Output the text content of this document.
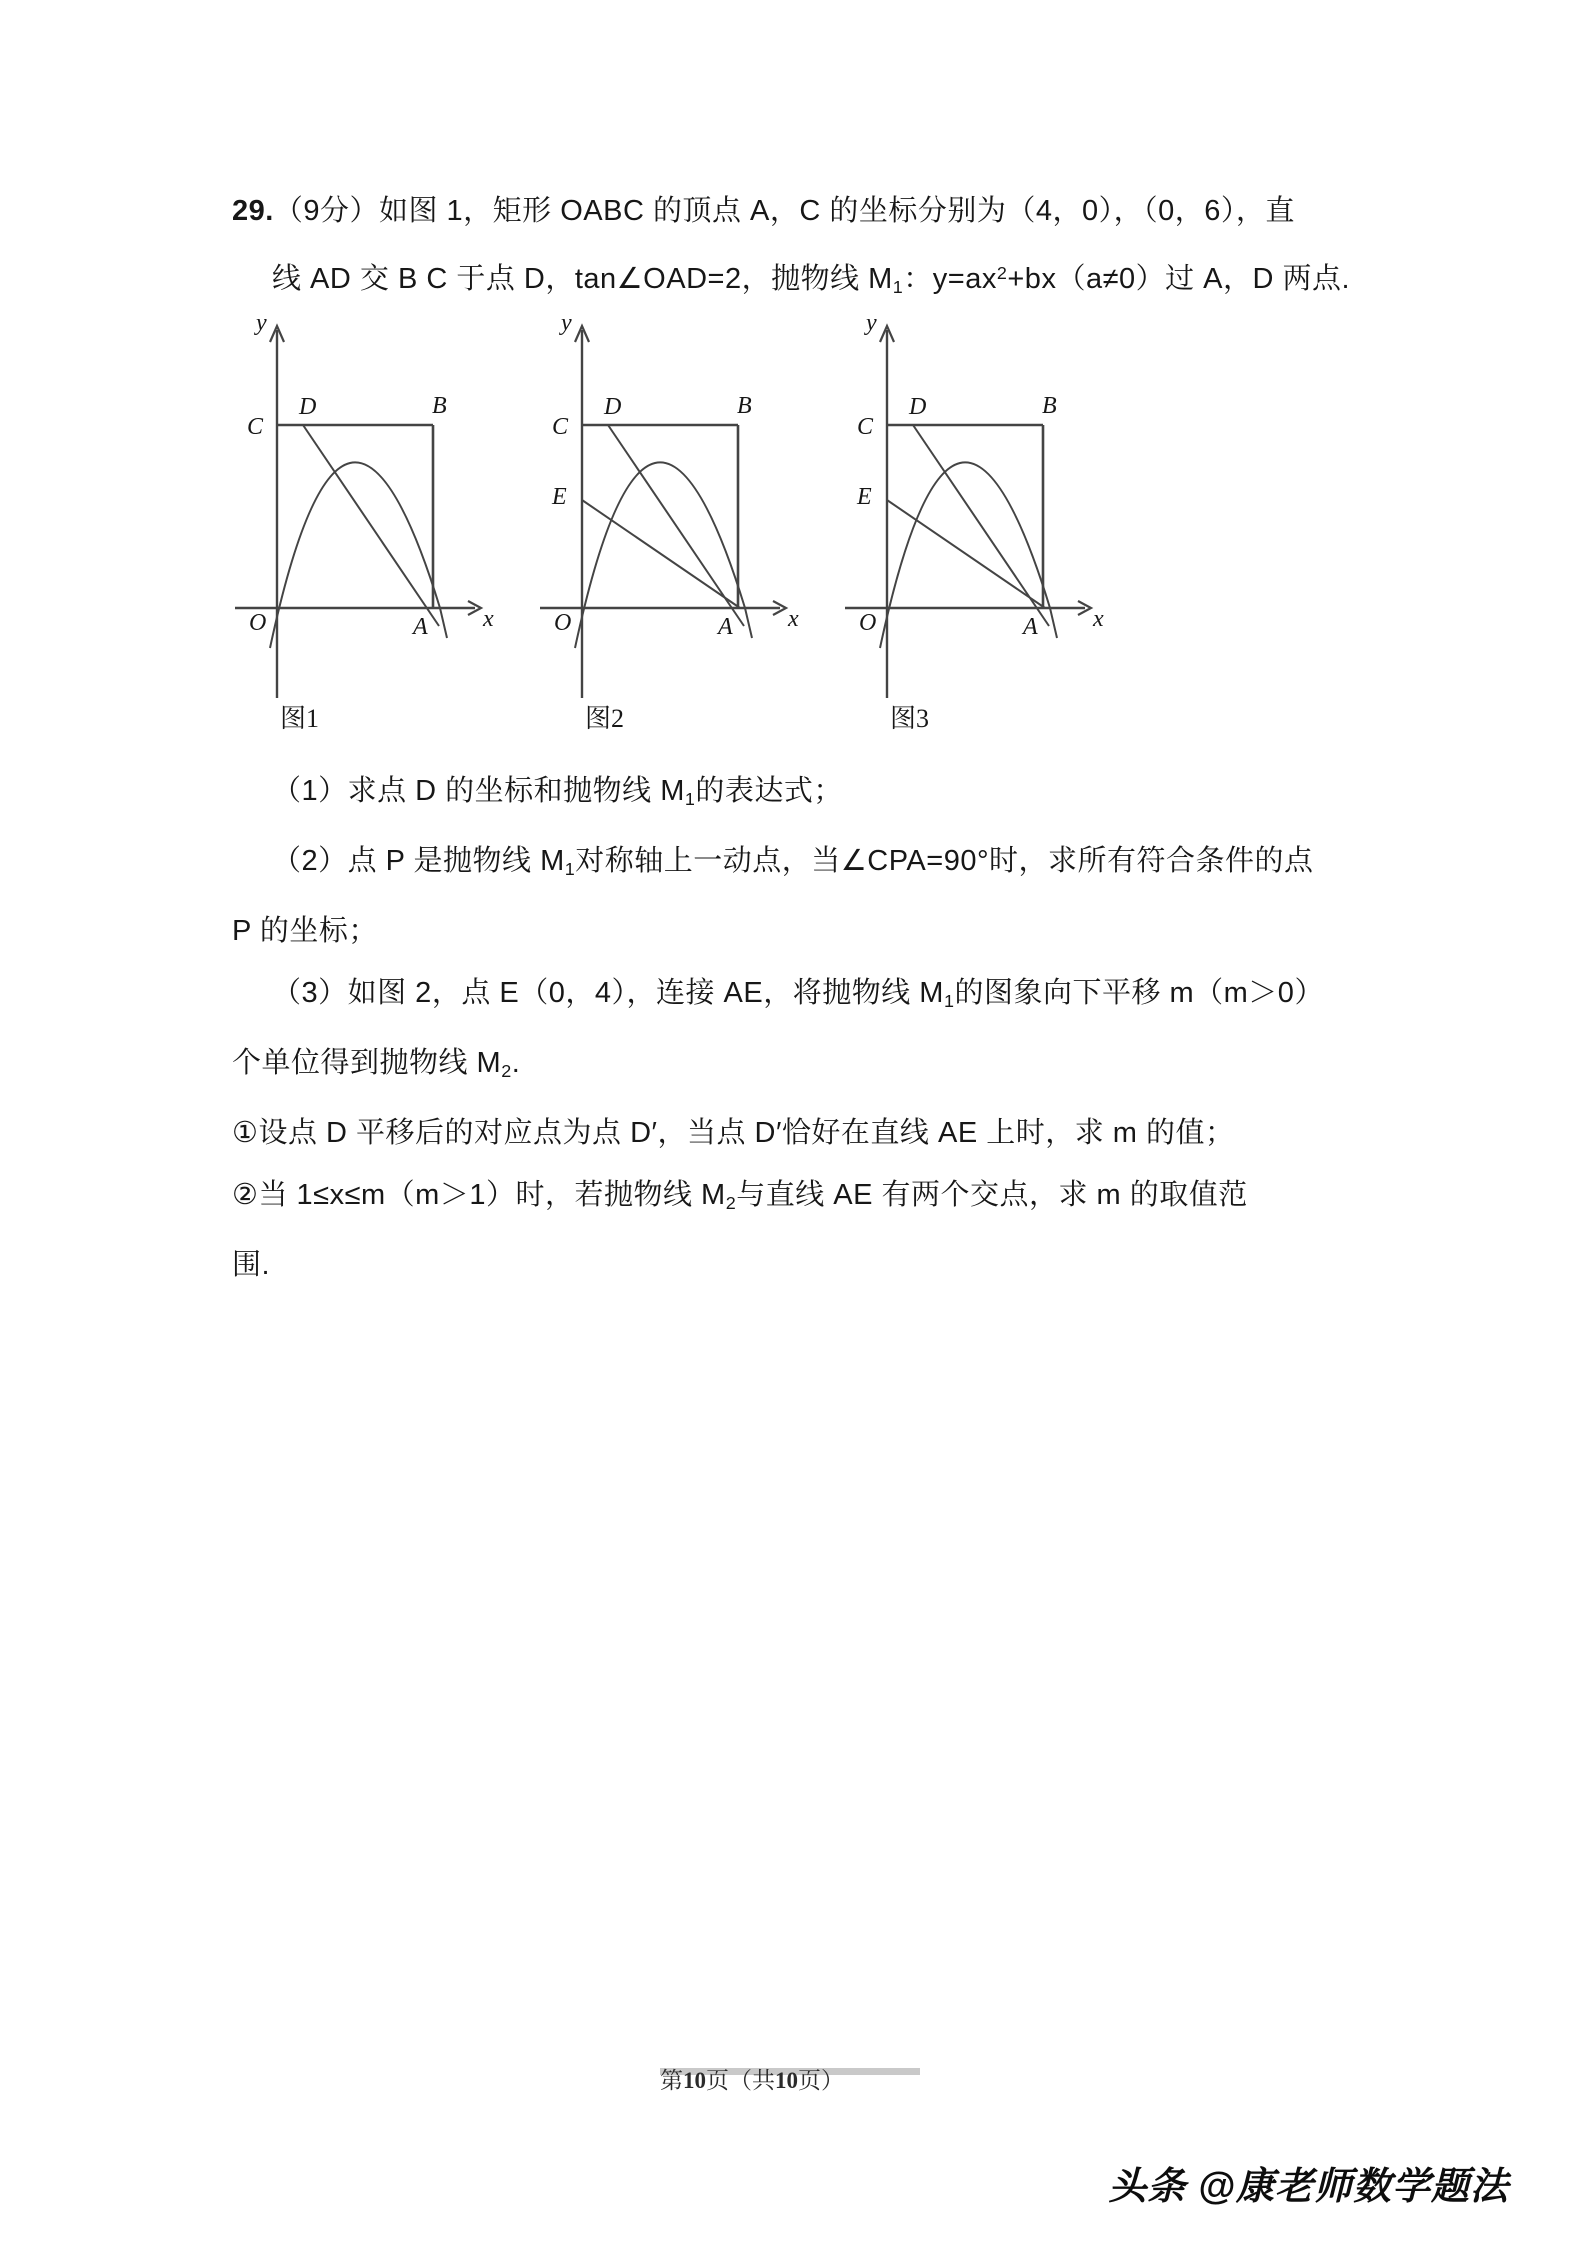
29.（9分）如图 1，矩形 OABC 的顶点 A，C 的坐标分别为（4，0），（0，6），直
线 AD 交 B C 于点 D，tan∠OAD=2，抛物线 $M_1$：$y=ax^2+bx(a\ne 0)$过 A，D 两点.
y
x
O
C
D	B
A
图1
y
x
O
C
D	B
E
A
图2
y
x
O
C
D	B
E
A
图3
（1）求点 D 的坐标和抛物线 $M_1$的表达式；
（2）点 P 是抛物线 $M_1$对称轴上一动点，当∠CPA=90°时，求所有符合条件的点
P 的坐标；
（3）如图 2，点 E（0，4），连接 AE，将抛物线 $M_1$的图象向下平移 m（m＞0）
个单位得到抛物线 $M_2$.
①设点 D 平移后的对应点为点 D′，当点 D′恰好在直线 AE 上时，求 m 的值；
②当 1≤x≤m（m＞1）时，若抛物线 $M_2$与直线 AE 有两个交点，求 m 的取值范
围.
第10页（共10页）
头条 @康老师数学题法
